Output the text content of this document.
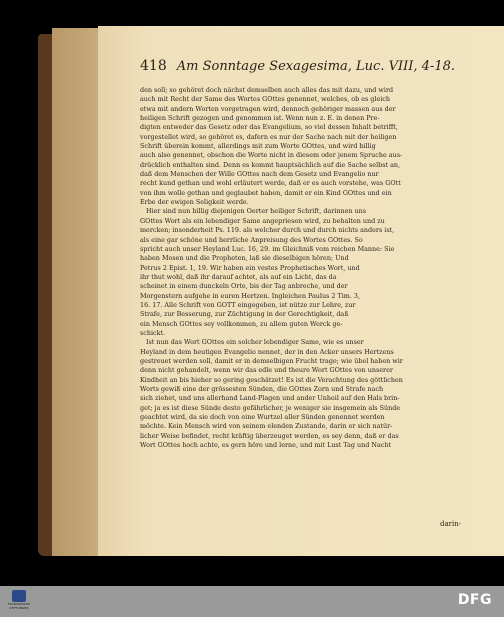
418 Am Sonntage Sexagesima, Luc. VIII, 4-18.
den soll; so gehöret doch nächst demselben auch alles das mit dazu, und wird
auch mit Recht der Same des Wortes GOttes genennet, welches, ob es gleich
etwa mit andern Worten vorgetragen wird, dennoch gehöriger massen aus der
heiligen Schrift gezogen und genommen ist. Wenn nun z. E. in denen Pre-
digten entweder das Gesetz oder das Evangelium, so viel dessen Inhalt betrifft,
vorgestellet wird, so gehöret es, dafern es nur der Sache nach mit der heiligen
Schrift überein kommt, allerdings mit zum Worte GOttes, und wird billig
auch also genennet, obschon die Worte nicht in diesem oder jenem Spruche aus-
drücklich enthalten sind. Denn es kommt hauptsächlich auf die Sache selbst an,
daß dem Menschen der Wille GOttes nach dem Gesetz und Evangelio nur
recht kund gethan und wohl erläutert werde, daß er es auch vorstehe, was GOtt
von ihm wolle gethan und geglaubet haben, damit er ein Kind GOttes und ein
Erbe der ewigen Seligkeit werde.
Hier sind nun billig diejenigen Oerter heiliger Schrift, darinnen uns
GOttes Wort als ein lebendiger Same angepriesen wird, zu behalten und zu
mercken; insonderheit Ps. 119. als welcher durch und durch nichts anders ist,
als eine gar schöne und herrliche Anpreisung des Wortes GOttes. So
spricht auch unser Heyland Luc. 16, 29. im Gleichniß vom reichen Manne: Sie
haben Mosen und die Propheten, laß sie dieselbigen hören; Und
Petrus 2 Epist. 1, 19. Wir haben ein vestes Prophetisches Wort, und
ihr thut wohl, daß ihr darauf achtet, als auf ein Licht, das da
scheinet in einem dunckeln Orte, bis der Tag anbreche, und der
Morgenstern aufgehe in euren Hertzen. Ingleichen Paulus 2 Tim. 3,
16. 17. Alle Schrift von GOTT eingegeben, ist nütze zur Lehre, zur
Strafe, zur Besserung, zur Züchtigung in der Gerechtigkeit, daß
ein Mensch GOttes sey vollkommen, zu allem guten Werck ge-
schickt.
Ist nun das Wort GOttes ein solcher lebendiger Same, wie es unser
Heyland in dem heutigen Evangelio nennet, der in den Acker unsers Hertzens
gestreuet werden soll, damit er in demselbigen Frucht trage; wie übel haben wir
denn nicht gehandelt, wenn wir das edle und theure Wort GOttes von unserer
Kindheit an bis hieher so gering geschätzet! Es ist die Verachtung des göttlichen
Worts gewiß eine der grössesten Sünden, die GOttes Zorn und Strafe nach
sich ziehet, und uns allerhand Land-Plagen und ander Unheil auf den Hals brin-
get; ja es ist diese Sünde desto gefährlicher, je weniger sie insgemein als Sünde
geachtet wird, da sie doch von eine Wurtzel aller Sünden genennet werden
möchte. Kein Mensch wird von seinem elenden Zustande, darin er sich natür-
licher Weise befindet, recht kräftig überzeuget werden, es sey denn, daß er das
Wort GOttes hoch achte, es gern höre und lerne, und mit Lust Tag und Nacht
darin-
FRANCKESCHE STIFTUNGEN	DFG
